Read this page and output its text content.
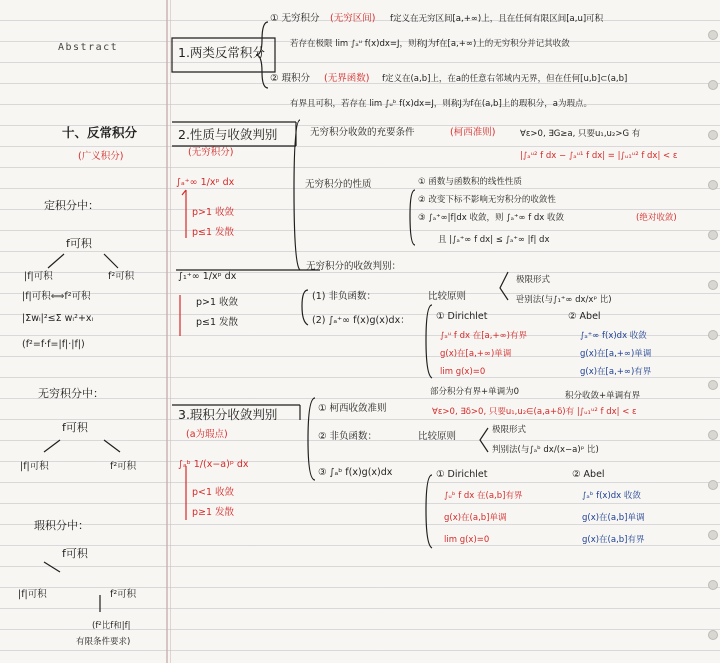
Abstract
十、反常积分
(广义积分)
定积分中：
f可积
|f|可积	f²可积
|f|可积⟺f²可积
|Σwᵢ|²≤Σ wᵢ²+xᵢ
(f²=f·f=|f|·|f|)
无穷积分中：
f可积
|f|可积	f²可积
瑕积分中：
f可积
|f|可积	f²可积
(f²比f和|f|
有限条件要求)
1.两类反常积分
① 无穷积分 (无穷区间) f定义在无穷区间[a,+∞)上，且在任何有限区间[a,u]可积
若存在极限 lim ∫ₐᵘ f(x)dx=J，则称J为f在[a,+∞)上的无穷积分并记其收敛
② 瑕积分 (无界函数) f定义在(a,b]上，在a的任意右邻域内无界，但在任何[u,b]⊂(a,b]
有界且可积，若存在 lim ∫ᵤᵇ f(x)dx=J，则称J为f在(a,b]上的瑕积分，a为瑕点。
2.性质与收敛判别
(无穷积分)
无穷积分收敛的充要条件	(柯西准则)	∀ε>0, ∃G≥a, 只要u₁,u₂>G 有
|∫ₐᵘ² f dx − ∫ₐᵘ¹ f dx| = |∫ᵤ₁ᵘ² f dx| < ε
∫ₐ⁺∞ 1/xᵖ dx
p>1 收敛
p≤1 发散
无穷积分的性质	① 函数与函数积的线性性质
② 改变下标不影响无穷积分的收敛性
③ ∫ₐ⁺∞|f|dx 收敛，则 ∫ₐ⁺∞ f dx 收敛	(绝对收敛)
且 |∫ₐ⁺∞ f dx| ≤ ∫ₐ⁺∞ |f| dx
无穷积分的收敛判别：
∫₁⁺∞ 1/xᵖ dx
p>1 收敛
p≤1 发散
(1) 非负函数：	比较原则
极限形式
판别法(与∫₁⁺∞ dx/xᵖ 比)
(2) ∫ₐ⁺∞ f(x)g(x)dx：	① Dirichlet	② Abel
∫ₐᵘ f dx 在[a,+∞)有界
g(x)在[a,+∞)单调
lim g(x)=0
∫ₐ⁺∞ f(x)dx 收敛
g(x)在[a,+∞)单调
g(x)在[a,+∞)有界
3.瑕积分收敛判别
(a为瑕点)
部分积分有界+单调为0	积分收敛+单调有界
① 柯西收敛准则	∀ε>0, ∃δ>0, 只要u₁,u₂∈(a,a+δ)有 |∫ᵤ₁ᵘ² f dx| < ε
② 非负函数：	比较原则
极限形式
判别法(与∫ₐᵇ dx/(x−a)ᵖ 比)
∫ₐᵇ 1/(x−a)ᵖ dx
p<1 收敛
p≥1 发散
③ ∫ₐᵇ f(x)g(x)dx	① Dirichlet	② Abel
∫ᵤᵇ f dx 在(a,b]有界
g(x)在(a,b]单调
lim g(x)=0
∫ₐᵇ f(x)dx 收敛
g(x)在(a,b]单调
g(x)在(a,b]有界
